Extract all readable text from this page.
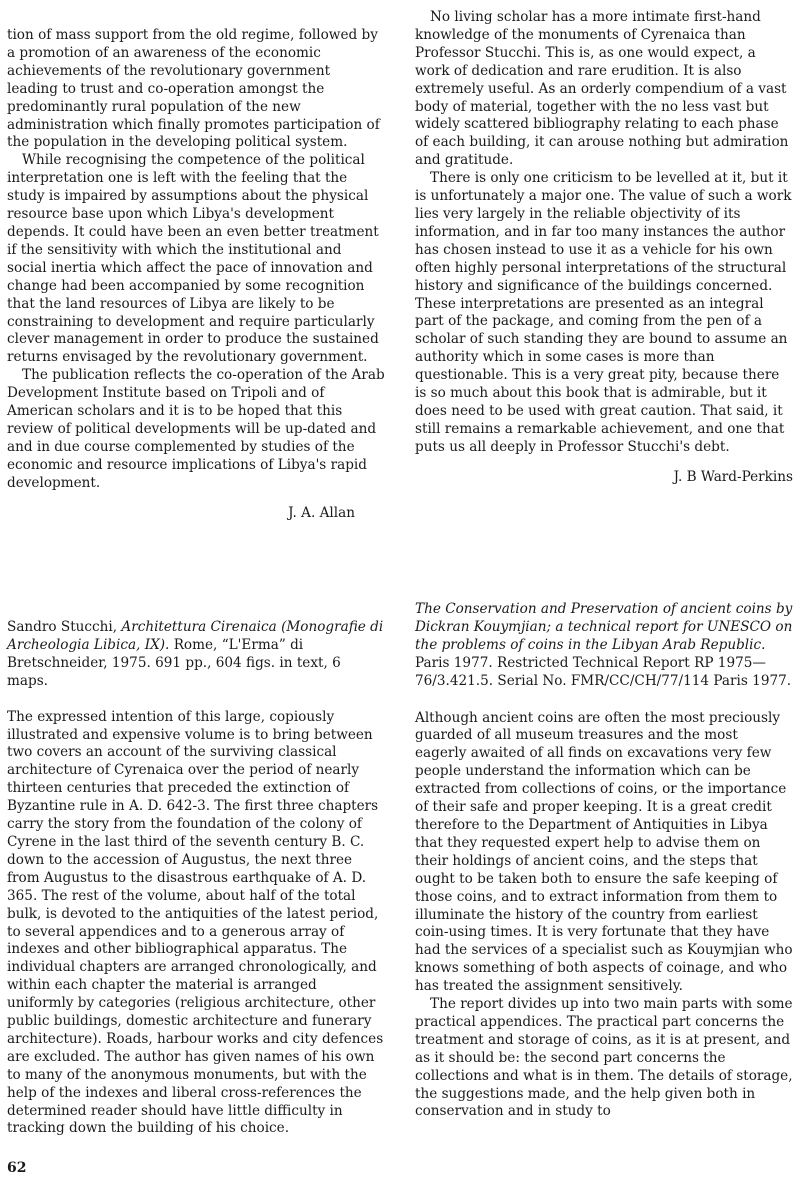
tion of mass support from the old regime, followed by a promotion of an awareness of the economic achievements of the revolutionary government leading to trust and co-operation amongst the predominantly rural population of the new administration which finally promotes participation of the population in the developing political system.

While recognising the competence of the political interpretation one is left with the feeling that the study is impaired by assumptions about the physical resource base upon which Libya's development depends. It could have been an even better treatment if the sensitivity with which the institutional and social inertia which affect the pace of innovation and change had been accompanied by some recognition that the land resources of Libya are likely to be constraining to development and require particularly clever management in order to produce the sustained returns envisaged by the revolutionary government.

The publication reflects the co-operation of the Arab Development Institute based on Tripoli and of American scholars and it is to be hoped that this review of political developments will be up-dated and and in due course complemented by studies of the economic and resource implications of Libya's rapid development.

J. A. Allan

No living scholar has a more intimate first-hand knowledge of the monuments of Cyrenaica than Professor Stucchi. This is, as one would expect, a work of dedication and rare erudition. It is also extremely useful. As an orderly compendium of a vast body of material, together with the no less vast but widely scattered bibliography relating to each phase of each building, it can arouse nothing but admiration and gratitude.

There is only one criticism to be levelled at it, but it is unfortunately a major one. The value of such a work lies very largely in the reliable objectivity of its information, and in far too many instances the author has chosen instead to use it as a vehicle for his own often highly personal interpretations of the structural history and significance of the buildings concerned. These interpretations are presented as an integral part of the package, and coming from the pen of a scholar of such standing they are bound to assume an authority which in some cases is more than questionable. This is a very great pity, because there is so much about this book that is admirable, but it does need to be used with great caution. That said, it still remains a remarkable achievement, and one that puts us all deeply in Professor Stucchi's debt.

J. B Ward-Perkins

Sandro Stucchi, Architettura Cirenaica (Monografie di Archeologia Libica, IX). Rome, “L'Erma” di Bretschneider, 1975. 691 pp., 604 figs. in text, 6 maps.

The expressed intention of this large, copiously illustrated and expensive volume is to bring between two covers an account of the surviving classical architecture of Cyrenaica over the period of nearly thirteen centuries that preceded the extinction of Byzantine rule in A. D. 642-3. The first three chapters carry the story from the foundation of the colony of Cyrene in the last third of the seventh century B. C. down to the accession of Augustus, the next three from Augustus to the disastrous earthquake of A. D. 365. The rest of the volume, about half of the total bulk, is devoted to the antiquities of the latest period, to several appendices and to a generous array of indexes and other bibliographical apparatus. The individual chapters are arranged chronologically, and within each chapter the material is arranged uniformly by categories (religious architecture, other public buildings, domestic architecture and funerary architecture). Roads, harbour works and city defences are excluded. The author has given names of his own to many of the anonymous monuments, but with the help of the indexes and liberal cross-references the determined reader should have little difficulty in tracking down the building of his choice.

The Conservation and Preservation of ancient coins by Dickran Kouymjian; a technical report for UNESCO on the problems of coins in the Libyan Arab Republic. Paris 1977. Restricted Technical Report RP 1975—76/3.421.5. Serial No. FMR/CC/CH/77/114 Paris 1977.

Although ancient coins are often the most preciously guarded of all museum treasures and the most eagerly awaited of all finds on excavations very few people understand the information which can be extracted from collections of coins, or the importance of their safe and proper keeping. It is a great credit therefore to the Department of Antiquities in Libya that they requested expert help to advise them on their holdings of ancient coins, and the steps that ought to be taken both to ensure the safe keeping of those coins, and to extract information from them to illuminate the history of the country from earliest coin-using times. It is very fortunate that they have had the services of a specialist such as Kouymjian who knows something of both aspects of coinage, and who has treated the assignment sensitively.

The report divides up into two main parts with some practical appendices. The practical part concerns the treatment and storage of coins, as it is at present, and as it should be: the second part concerns the collections and what is in them. The details of storage, the suggestions made, and the help given both in conservation and in study to

62
